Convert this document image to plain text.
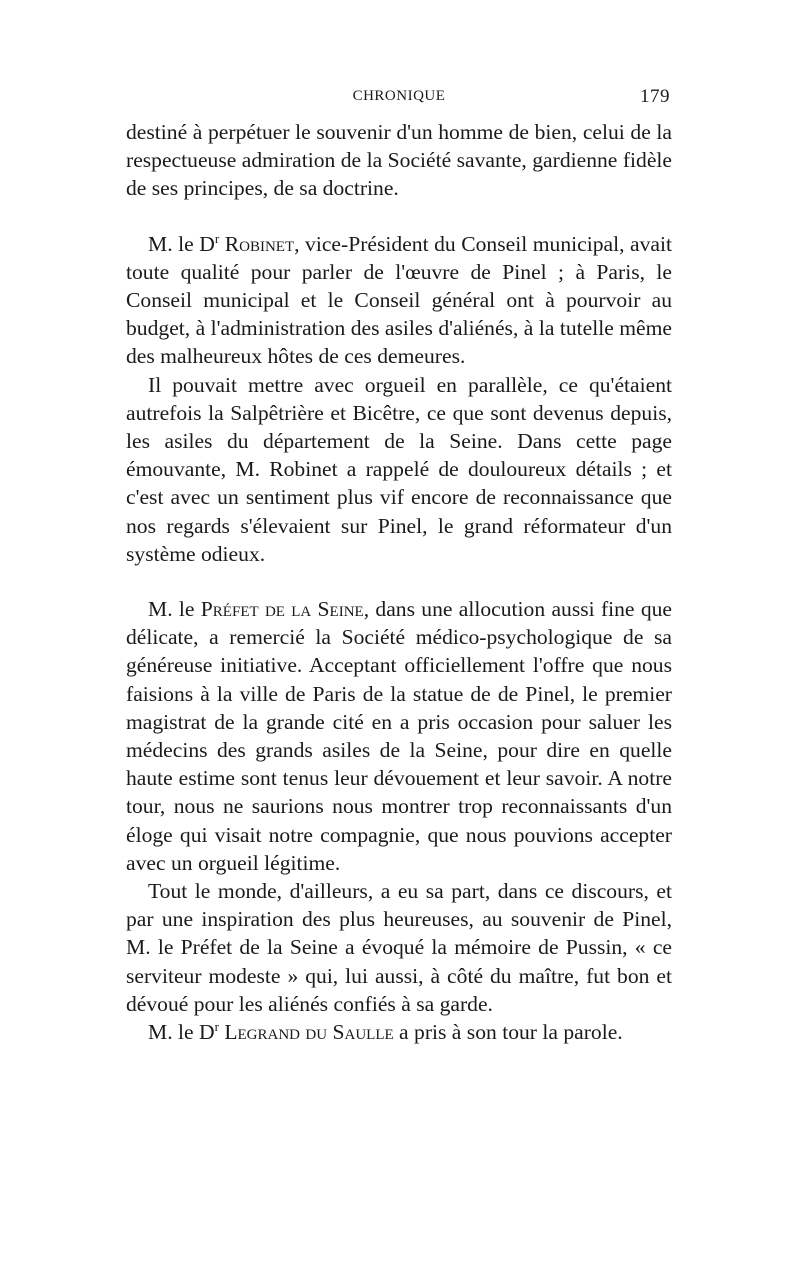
CHRONIQUE	179

destiné à perpétuer le souvenir d'un homme de bien, celui de la respectueuse admiration de la Société savante, gardienne fidèle de ses principes, de sa doctrine.

M. le $D^r$ Robinet, vice-Président du Conseil municipal, avait toute qualité pour parler de l'œuvre de Pinel ; à Paris, le Conseil municipal et le Conseil général ont à pourvoir au budget, à l'administration des asiles d'aliénés, à la tutelle même des malheureux hôtes de ces demeures.

Il pouvait mettre avec orgueil en parallèle, ce qu'étaient autrefois la Salpêtrière et Bicêtre, ce que sont devenus depuis, les asiles du département de la Seine. Dans cette page émouvante, M. Robinet a rappelé de douloureux détails ; et c'est avec un sentiment plus vif encore de reconnaissance que nos regards s'élevaient sur Pinel, le grand réformateur d'un système odieux.

M. le Préfet de la Seine, dans une allocution aussi fine que délicate, a remercié la Société médico-psychologique de sa généreuse initiative. Acceptant officiellement l'offre que nous faisions à la ville de Paris de la statue de de Pinel, le premier magistrat de la grande cité en a pris occasion pour saluer les médecins des grands asiles de la Seine, pour dire en quelle haute estime sont tenus leur dévouement et leur savoir. A notre tour, nous ne saurions nous montrer trop reconnaissants d'un éloge qui visait notre compagnie, que nous pouvions accepter avec un orgueil légitime.

Tout le monde, d'ailleurs, a eu sa part, dans ce discours, et par une inspiration des plus heureuses, au souvenir de Pinel, M. le Préfet de la Seine a évoqué la mémoire de Pussin, « ce serviteur modeste » qui, lui aussi, à côté du maître, fut bon et dévoué pour les aliénés confiés à sa garde.

M. le $D^r$ Legrand du Saulle a pris à son tour la parole.
